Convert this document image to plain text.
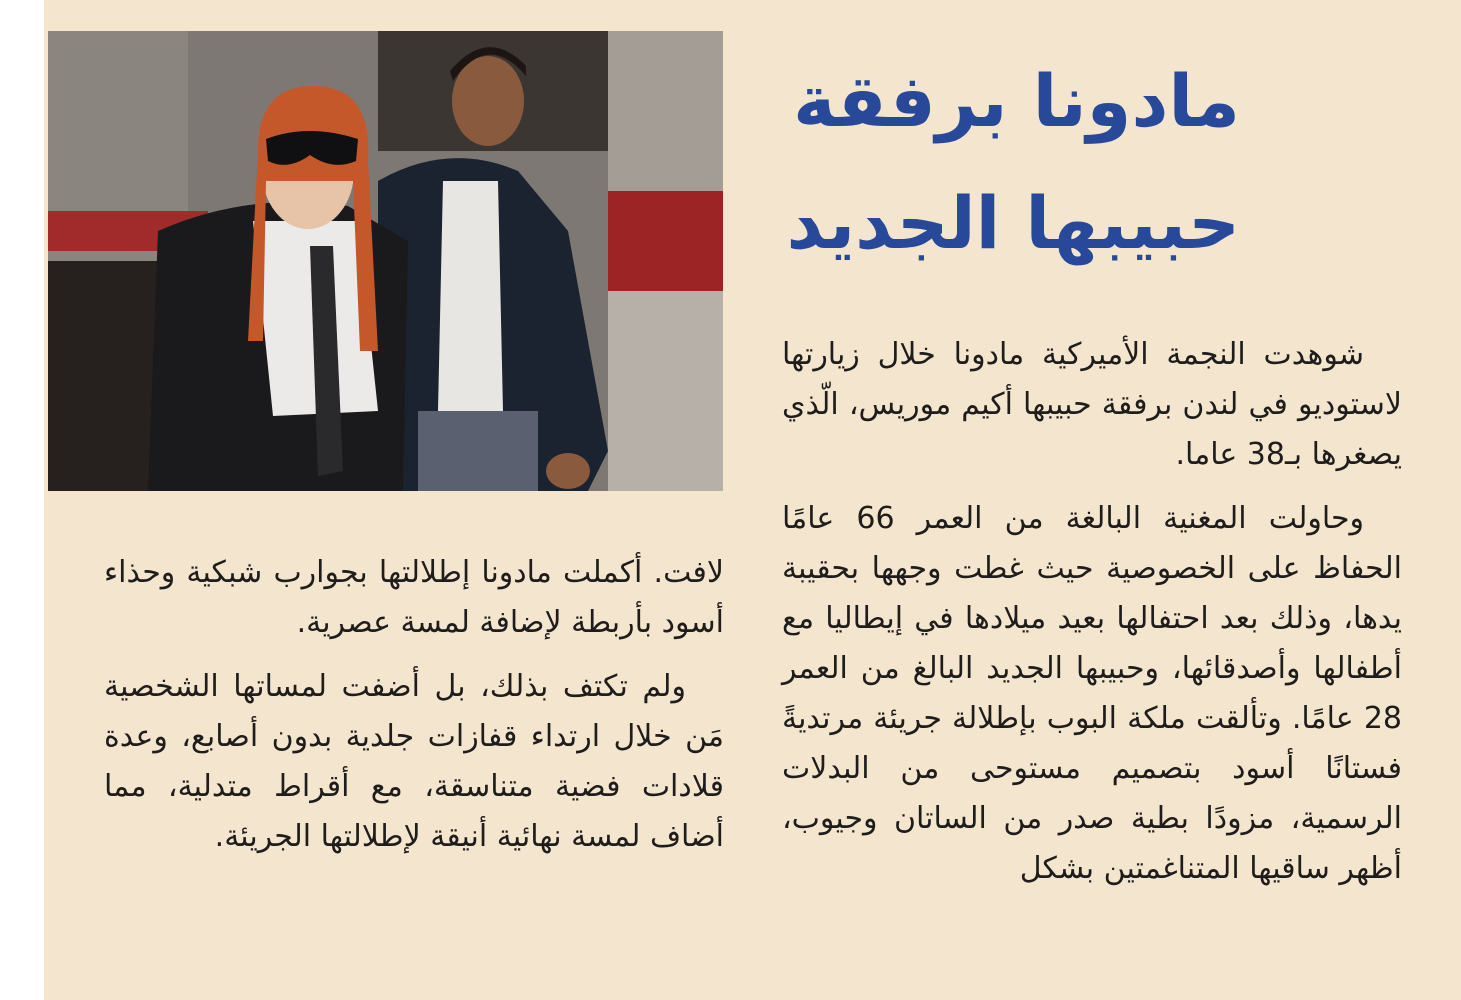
مادونا برفقة
حبيبها الجديد

شوهدت النجمة الأميركية مادونا خلال زيارتها لاستوديو في لندن برفقة حبيبها أكيم موريس، الّذي يصغرها بـ38 عاما.

وحاولت المغنية البالغة من العمر 66 عامًا الحفاظ على الخصوصية حيث غطت وجهها بحقيبة يدها، وذلك بعد احتفالها بعيد ميلادها في إيطاليا مع أطفالها وأصدقائها، وحبيبها الجديد البالغ من العمر 28 عامًا. وتألقت ملكة البوب بإطلالة جريئة مرتديةً فستانًا أسود بتصميم مستوحى من البدلات الرسمية، مزودًا بطية صدر من الساتان وجيوب، أظهر ساقيها المتناغمتين بشكل

لافت. أكملت مادونا إطلالتها بجوارب شبكية وحذاء أسود بأربطة لإضافة لمسة عصرية.

ولم تكتف بذلك، بل أضفت لمساتها الشخصية مَن خلال ارتداء قفازات جلدية بدون أصابع، وعدة قلادات فضية متناسقة، مع أقراط متدلية، مما أضاف لمسة نهائية أنيقة لإطلالتها الجريئة.
